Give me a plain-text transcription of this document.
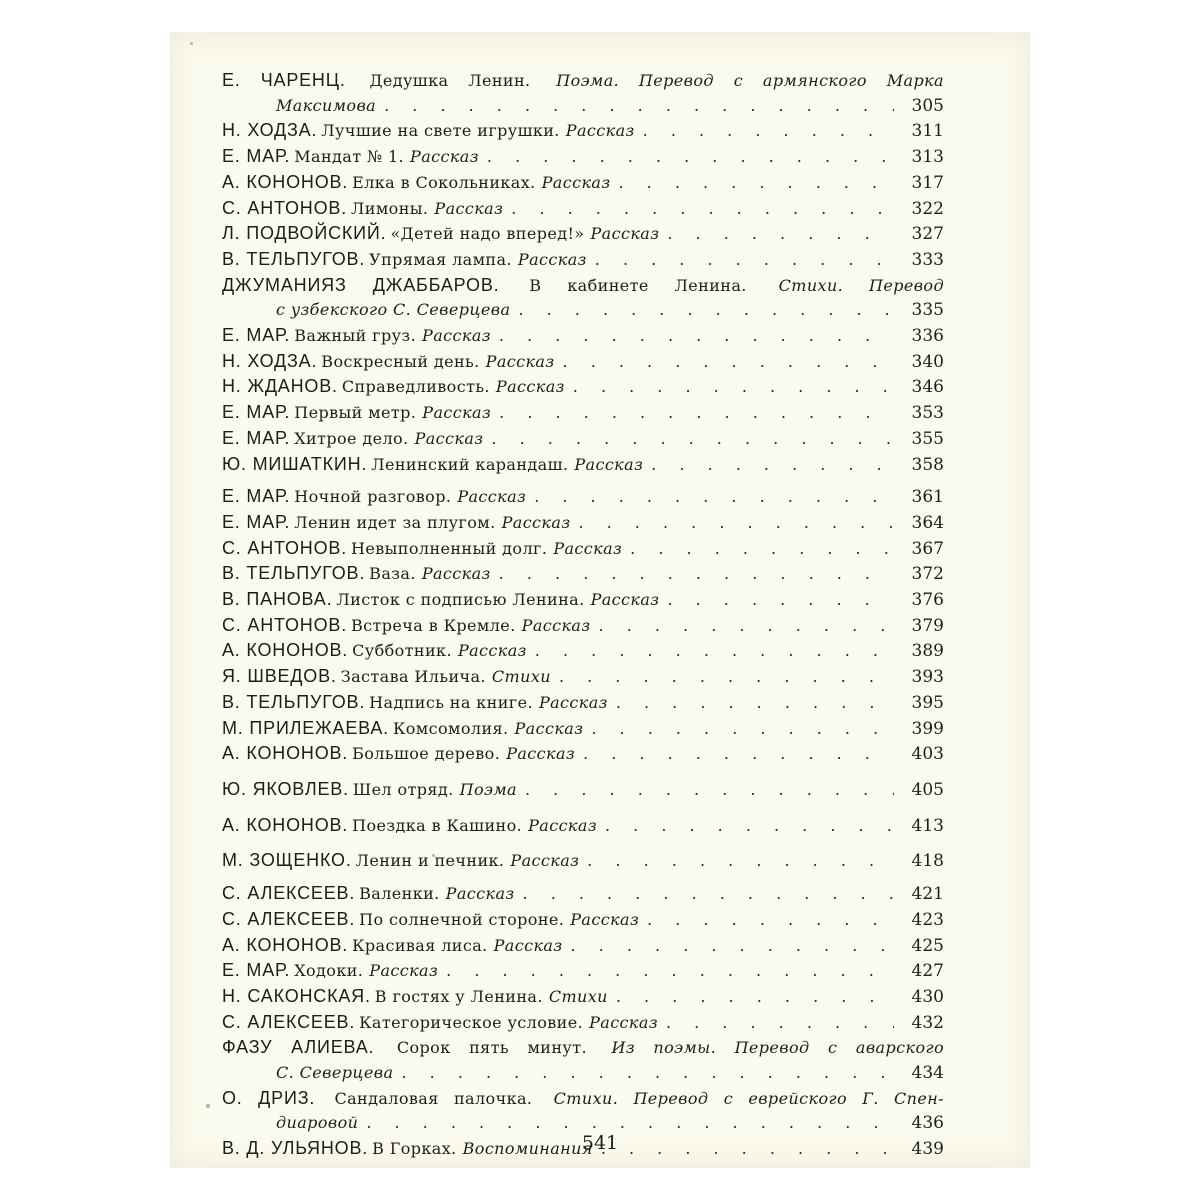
Е. ЧАРЕНЦ. Дедушка Ленин. Поэма. Перевод с армянского Марка
Максимова . . .	305
Н. ХОДЗА. Лучшие на свете игрушки. Рассказ . . .	311
Е. МАР. Мандат № 1. Рассказ . . .	313
А. КОНОНОВ. Елка в Сокольниках. Рассказ . . .	317
С. АНТОНОВ. Лимоны. Рассказ . . .	322
Л. ПОДВОЙСКИЙ. «Детей надо вперед!» Рассказ . . .	327
В. ТЕЛЬПУГОВ. Упрямая лампа. Рассказ . . .	333
ДЖУМАНИЯЗ ДЖАББАРОВ. В кабинете Ленина. Стихи. Перевод
с узбекского С. Северцева . . .	335
Е. МАР. Важный груз. Рассказ . . .	336
Н. ХОДЗА. Воскресный день. Рассказ . . .	340
Н. ЖДАНОВ. Справедливость. Рассказ . . .	346
Е. МАР. Первый метр. Рассказ . . .	353
Е. МАР. Хитрое дело. Рассказ . . .	355
Ю. МИШАТКИН. Ленинский карандаш. Рассказ . . .	358
Е. МАР. Ночной разговор. Рассказ . . .	361
Е. МАР. Ленин идет за плугом. Рассказ . . .	364
С. АНТОНОВ. Невыполненный долг. Рассказ . . .	367
В. ТЕЛЬПУГОВ. Ваза. Рассказ . . .	372
В. ПАНОВА. Листок с подписью Ленина. Рассказ . . .	376
С. АНТОНОВ. Встреча в Кремле. Рассказ . . .	379
А. КОНОНОВ. Субботник. Рассказ . . .	389
Я. ШВЕДОВ. Застава Ильича. Стихи . . .	393
В. ТЕЛЬПУГОВ. Надпись на книге. Рассказ . . .	395
М. ПРИЛЕЖАЕВА. Комсомолия. Рассказ . . .	399
А. КОНОНОВ. Большое дерево. Рассказ . . .	403
Ю. ЯКОВЛЕВ. Шел отряд. Поэма . . .	405
А. КОНОНОВ. Поездка в Кашино. Рассказ . . .	413
М. ЗОЩЕНКО. Ленин и печник. Рассказ . . .	418
С. АЛЕКСЕЕВ. Валенки. Рассказ . . .	421
С. АЛЕКСЕЕВ. По солнечной стороне. Рассказ . . .	423
А. КОНОНОВ. Красивая лиса. Рассказ . . .	425
Е. МАР. Ходоки. Рассказ . . .	427
Н. САКОНСКАЯ. В гостях у Ленина. Стихи . . .	430
С. АЛЕКСЕЕВ. Категорическое условие. Рассказ . . .	432
ФАЗУ АЛИЕВА. Сорок пять минут. Из поэмы. Перевод с аварского
С. Северцева . . .	434
О. ДРИЗ. Сандаловая палочка. Стихи. Перевод с еврейского Г. Спен-
диаровой . . .	436
В. Д. УЛЬЯНОВ. В Горках. Воспоминания . . .	439
541
